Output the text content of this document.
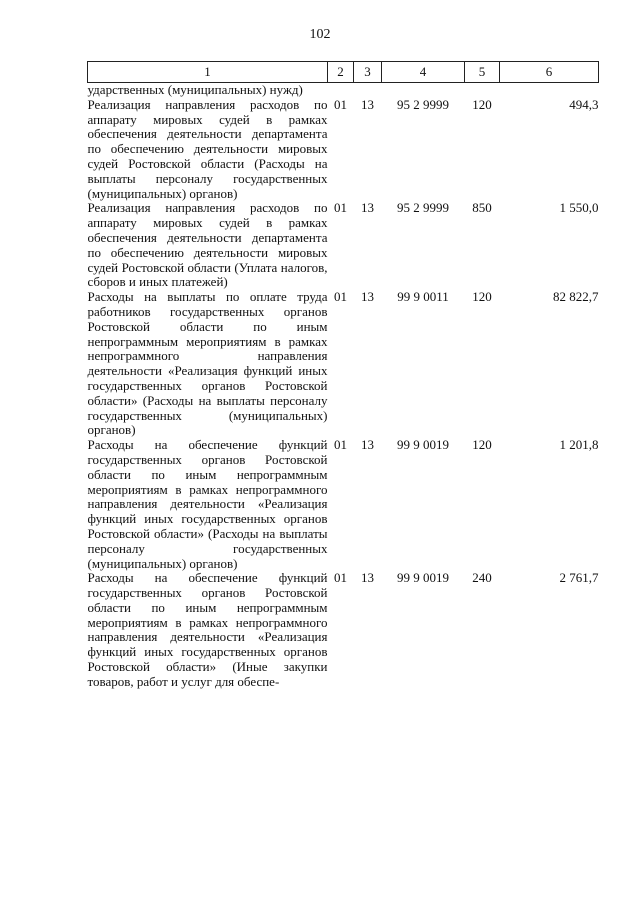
102
1	2	3	4	5	6
ударственных (муниципальных) нужд)					
Реализация направления расходов по аппарату мировых судей в рамках обеспечения деятельности департамента по обеспечению деятельности мировых судей Ростовской области (Расходы на выплаты персоналу государственных (муниципальных) органов)	01	13	95 2 9999	120	494,3
Реализация направления расходов по аппарату мировых судей в рамках обеспечения деятельности департамента по обеспечению деятельности мировых судей Ростовской области (Уплата налогов, сборов и иных платежей)	01	13	95 2 9999	850	1 550,0
Расходы на выплаты по оплате труда работников государственных органов Ростовской области по иным непрограммным мероприятиям в рамках непрограммного направления деятельности «Реализация функций иных государственных органов Ростовской области» (Расходы на выплаты персоналу государственных (муниципальных) органов)	01	13	99 9 0011	120	82 822,7
Расходы на обеспечение функций государственных органов Ростовской области по иным непрограммным мероприятиям в рамках непрограммного направления деятельности «Реализация функций иных государственных органов Ростовской области» (Расходы на выплаты персоналу государственных (муниципальных) органов)	01	13	99 9 0019	120	1 201,8
Расходы на обеспечение функций государственных органов Ростовской области по иным непрограммным мероприятиям в рамках непрограммного направления деятельности «Реализация функций иных государственных органов Ростовской области» (Иные закупки товаров, работ и услуг для обеспе-	01	13	99 9 0019	240	2 761,7
